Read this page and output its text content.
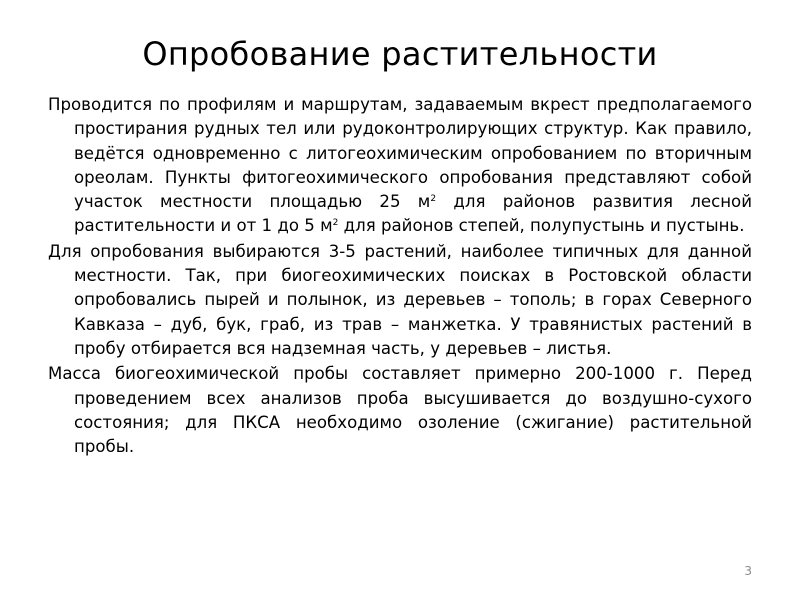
Опробование растительности

Проводится по профилям и маршрутам, задаваемым вкрест предполагаемого простирания рудных тел или рудоконтролирующих структур. Как правило, ведётся одновременно с литогеохимическим опробованием по вторичным ореолам. Пункты фитогеохимического опробования представляют собой участок местности площадью 25 $м^2$ для районов развития лесной растительности и от 1 до 5 $м^2$ для районов степей, полупустынь и пустынь.

Для опробования выбираются 3-5 растений, наиболее типичных для данной местности. Так, при биогеохимических поисках в Ростовской области опробовались пырей и полынок, из деревьев – тополь; в горах Северного Кавказа – дуб, бук, граб, из трав – манжетка. У травянистых растений в пробу отбирается вся надземная часть, у деревьев – листья.

Масса биогеохимической пробы составляет примерно 200-1000 г. Перед проведением всех анализов проба высушивается до воздушно-сухого состояния; для ПКСА необходимо озоление (сжигание) растительной пробы.

3
